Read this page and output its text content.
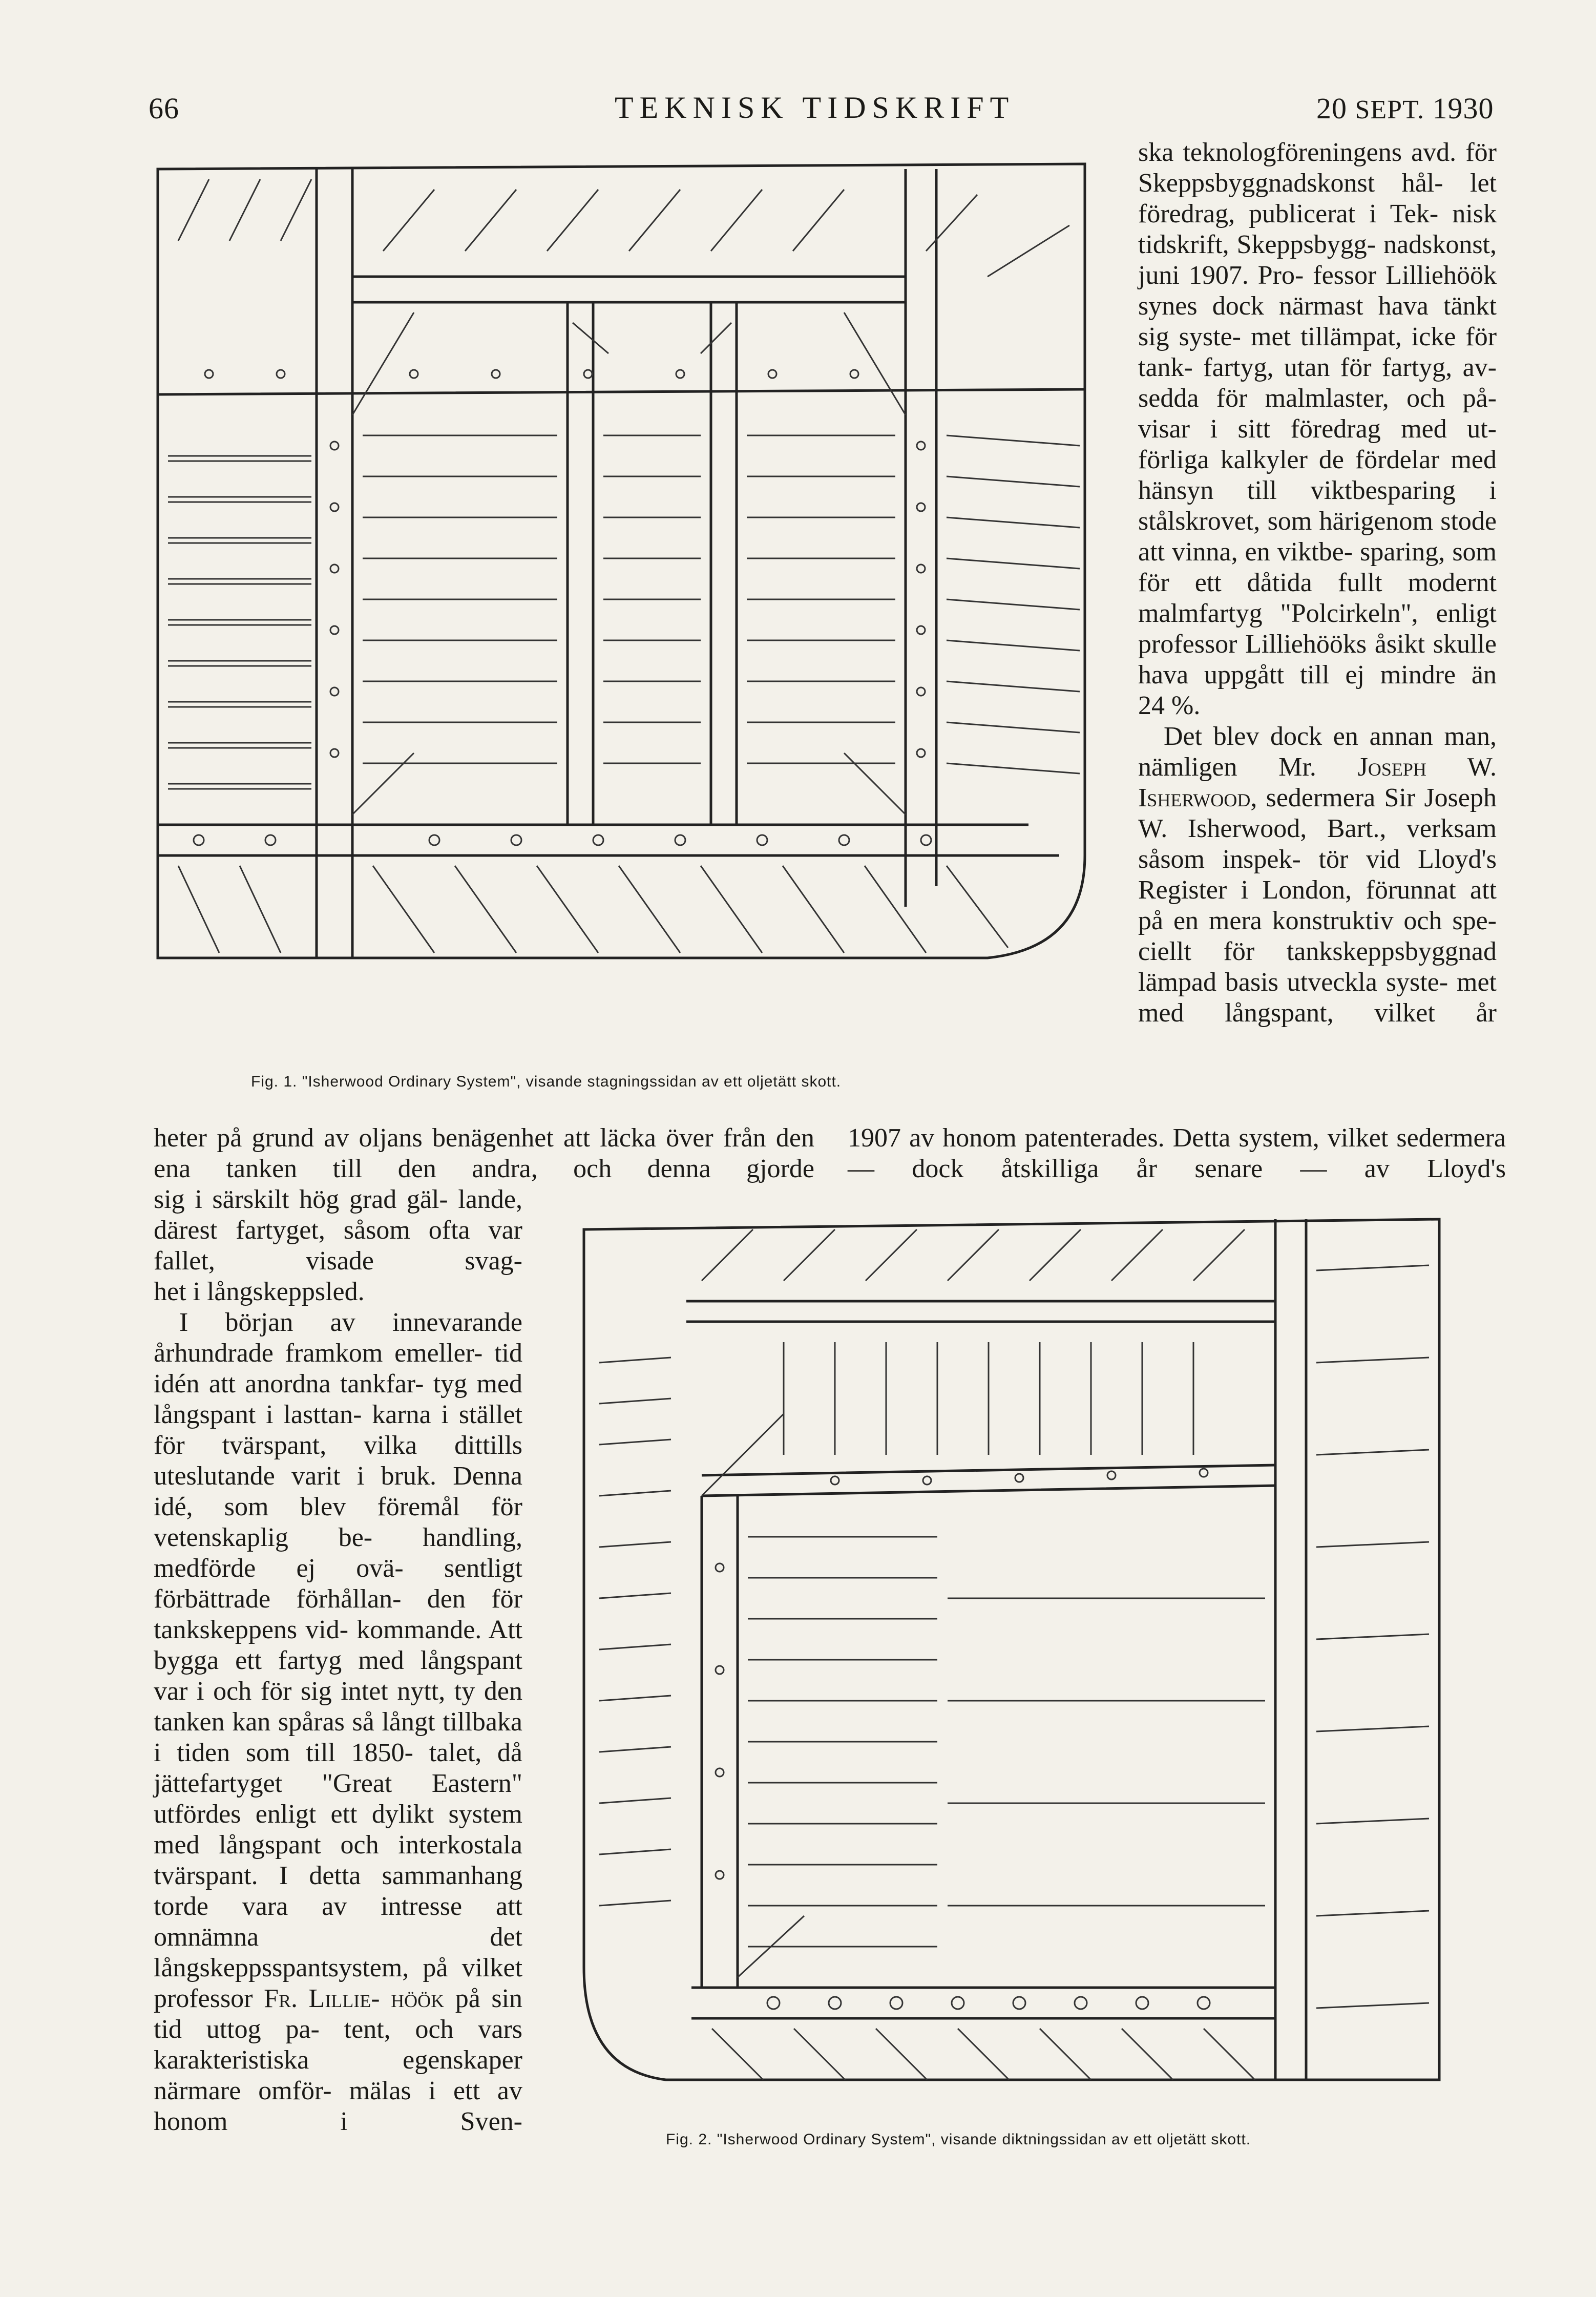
66	TEKNISK TIDSKRIFT	20 SEPT. 1930
Fig. 1. "Isherwood Ordinary System", visande stagningssidan av ett oljetätt skott.

ska teknologföreningens avd. för Skeppsbyggnadskonst hål- let föredrag, publicerat i Tek- nisk tidskrift, Skeppsbygg- nadskonst, juni 1907. Pro- fessor Lilliehöök synes dock närmast hava tänkt sig syste- met tillämpat, icke för tank- fartyg, utan för fartyg, av- sedda för malmlaster, och på- visar i sitt föredrag med ut- förliga kalkyler de fördelar med hänsyn till viktbesparing i stålskrovet, som härigenom stode att vinna, en viktbe- sparing, som för ett dåtida fullt modernt malmfartyg "Polcirkeln", enligt professor Lilliehööks åsikt skulle hava uppgått till ej mindre än

24 %.

Det blev dock en annan man, nämligen Mr. Joseph W. Isherwood, sedermera Sir Joseph W. Isherwood, Bart., verksam såsom inspek- tör vid Lloyd's Register i London, förunnat att på en mera konstruktiv och spe- ciellt för tankskeppsbyggnad lämpad basis utveckla syste- met med långspant, vilket år

heter på grund av oljans benägenhet att läcka över från den ena tanken till den andra, och denna gjorde
1907 av honom patenterades. Detta system, vilket sedermera — dock åtskilliga år senare — av Lloyd's

sig i särskilt hög grad gäl- lande, därest fartyget, såsom ofta var fallet, visade svag-

het i långskeppsled.

I början av innevarande århundrade framkom emeller- tid idén att anordna tankfar- tyg med långspant i lasttan- karna i stället för tvärspant, vilka dittills uteslutande varit i bruk. Denna idé, som blev föremål för vetenskaplig be- handling, medförde ej ovä- sentligt förbättrade förhållan- den för tankskeppens vid- kommande. Att bygga ett fartyg med långspant var i och för sig intet nytt, ty den tanken kan spåras så långt tillbaka i tiden som till 1850- talet, då jättefartyget "Great Eastern" utfördes enligt ett dylikt system med långspant och interkostala tvärspant. I detta sammanhang torde vara av intresse att omnämna det långskeppsspantsystem, på vilket professor Fr. Lillie- höök på sin tid uttog pa- tent, och vars karakteristiska	egenskaper närmare omför- mälas i ett av honom i Sven-

Fig. 2. "Isherwood Ordinary System", visande diktningssidan av ett oljetätt skott.
